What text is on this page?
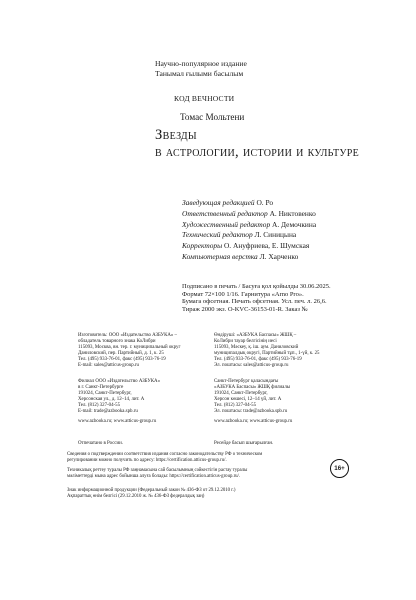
Научно-популярное издание
Танымал ғылыми басылым
КОД ВЕЧНОСТИ
Томас Мольтени
Звезды
в астрологии, истории и культуре
Заведующая редакцией О. Ро
Ответственный редактор А. Никтовенко
Художественный редактор А. Демочкина
Технический редактор Л. Синицына
Корректоры О. Ануфриева, Е. Шумская
Компьютерная верстка Л. Харченко
Подписано в печать / Басуға қол қойылды 30.06.2025.
Формат 72×100 1/16. Гарнитура «Arno Pro».
Бумага офсетная. Печать офсетная. Усл. печ. л. 26,6.
Тираж 2000 экз. O-KVC-36153-01-R. Заказ №
Изготовитель: ООО «Издательство АЗБУКА» –
обладатель товарного знака КоЛибри
115093, Москва, вн. тер. г. муниципальный округ
Даниловский, пер. Партийный, д. 1, к. 25
Тел. (495) 933-76-01, факс (495) 933-76-19
E-mail: sales@atticus-group.ru
Өндіруші: «АЗБУКА Баспасы» ЖШҚ –
КоЛибри тауар белгісінің иесі
115093, Мәскеу, қ. іш. аум. Даниловский
муниципалдық округі, Партийный тұп., 1-үй, к. 25
Тел. (495) 933-76-01, факс (495) 933-76-19
Эл. поштасы: sales@atticus-group.ru
Филиал ООО «Издательство АЗБУКА»
в г. Санкт-Петербурге
191024, Санкт-Петербург,
Херсонская ул., д. 12–14, лит. А
Тел. (812) 327-04-55
E-mail: trade@azbooka.spb.ru
Санкт-Петербург қаласындағы
«АЗБУКА Баспасы» ЖШҚ филиалы
191024, Санкт-Петербург,
Херсон көшесі, 12–14 үй, лит. А
Тел. (812) 327-04-55
Эл. поштасы: trade@azbooka.spb.ru
www.azbooka.ru; www.atticus-group.ru	www.azbooka.ru; www.atticus-group.ru
Отпечатано в России.	Ресейде басып шығарылған.
Сведения о подтверждении соответствия издания согласно законодательству РФ о техническом
регулировании можно получить по адресу: https://certification.atticus-group.ru/.
Техникалық реттеу туралы РФ заңнамасына сай басылымның сәйкестігін растау туралы
мәліметтерді мына адрес бойынша алуға болады: https://certification.atticus-group.ru/.
Знак информационной продукции (Федеральный закон № 436-ФЗ от 29.12.2010 г.)
Ақпараттық өнім белгісі (29.12.2010 ж. № 436-ФЗ федералдық заң)
16+
